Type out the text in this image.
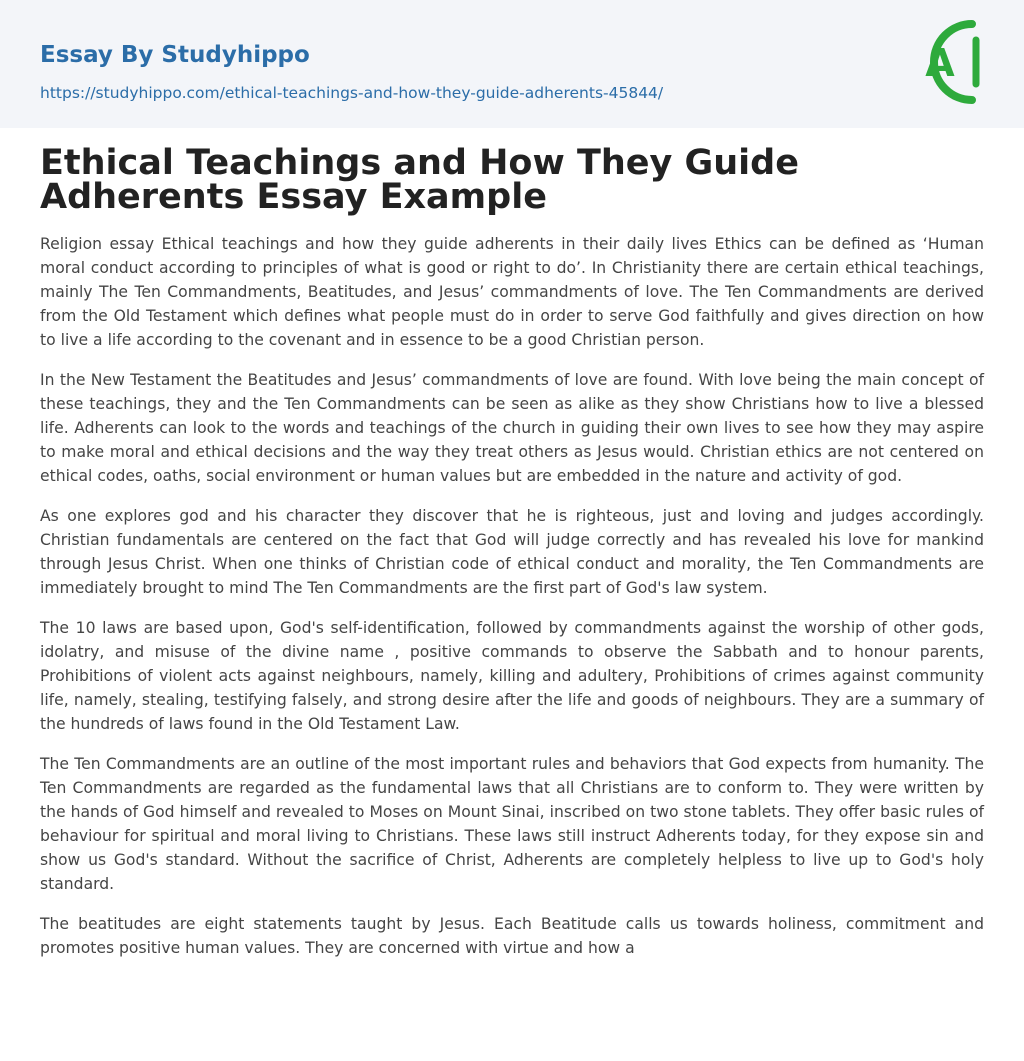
Essay By Studyhippo
https://studyhippo.com/ethical-teachings-and-how-they-guide-adherents-45844/
A
Ethical Teachings and How They Guide Adherents Essay Example

Religion essay Ethical teachings and how they guide adherents in their daily lives Ethics can be defined as ‘Human moral conduct according to principles of what is good or right to do’. In Christianity there are certain ethical teachings, mainly The Ten Commandments, Beatitudes, and Jesus’ commandments of love. The Ten Commandments are derived from the Old Testament which defines what people must do in order to serve God faithfully and gives direction on how to live a life according to the covenant and in essence to be a good Christian person.

In the New Testament the Beatitudes and Jesus’ commandments of love are found. With love being the main concept of these teachings, they and the Ten Commandments can be seen as alike as they show Christians how to live a blessed life. Adherents can look to the words and teachings of the church in guiding their own lives to see how they may aspire to make moral and ethical decisions and the way they treat others as Jesus would. Christian ethics are not centered on ethical codes, oaths, social environment or human values but are embedded in the nature and activity of god.

As one explores god and his character they discover that he is righteous, just and loving and judges accordingly. Christian fundamentals are centered on the fact that God will judge correctly and has revealed his love for mankind through Jesus Christ. When one thinks of Christian code of ethical conduct and morality, the Ten Commandments are immediately brought to mind The Ten Commandments are the first part of God's law system.

The 10 laws are based upon, God's self-identification, followed by commandments against the worship of other gods, idolatry, and misuse of the divine name , positive commands to observe the Sabbath and to honour parents, Prohibitions of violent acts against neighbours, namely, killing and adultery, Prohibitions of crimes against community life, namely, stealing, testifying falsely, and strong desire after the life and goods of neighbours. They are a summary of the hundreds of laws found in the Old Testament Law.

The Ten Commandments are an outline of the most important rules and behaviors that God expects from humanity. The Ten Commandments are regarded as the fundamental laws that all Christians are to conform to. They were written by the hands of God himself and revealed to Moses on Mount Sinai, inscribed on two stone tablets. They offer basic rules of behaviour for spiritual and moral living to Christians. These laws still instruct Adherents today, for they expose sin and show us God's standard. Without the sacrifice of Christ, Adherents are completely helpless to live up to God's holy standard.

The beatitudes are eight statements taught by Jesus. Each Beatitude calls us towards holiness, commitment and promotes positive human values. They are concerned with virtue and how a
